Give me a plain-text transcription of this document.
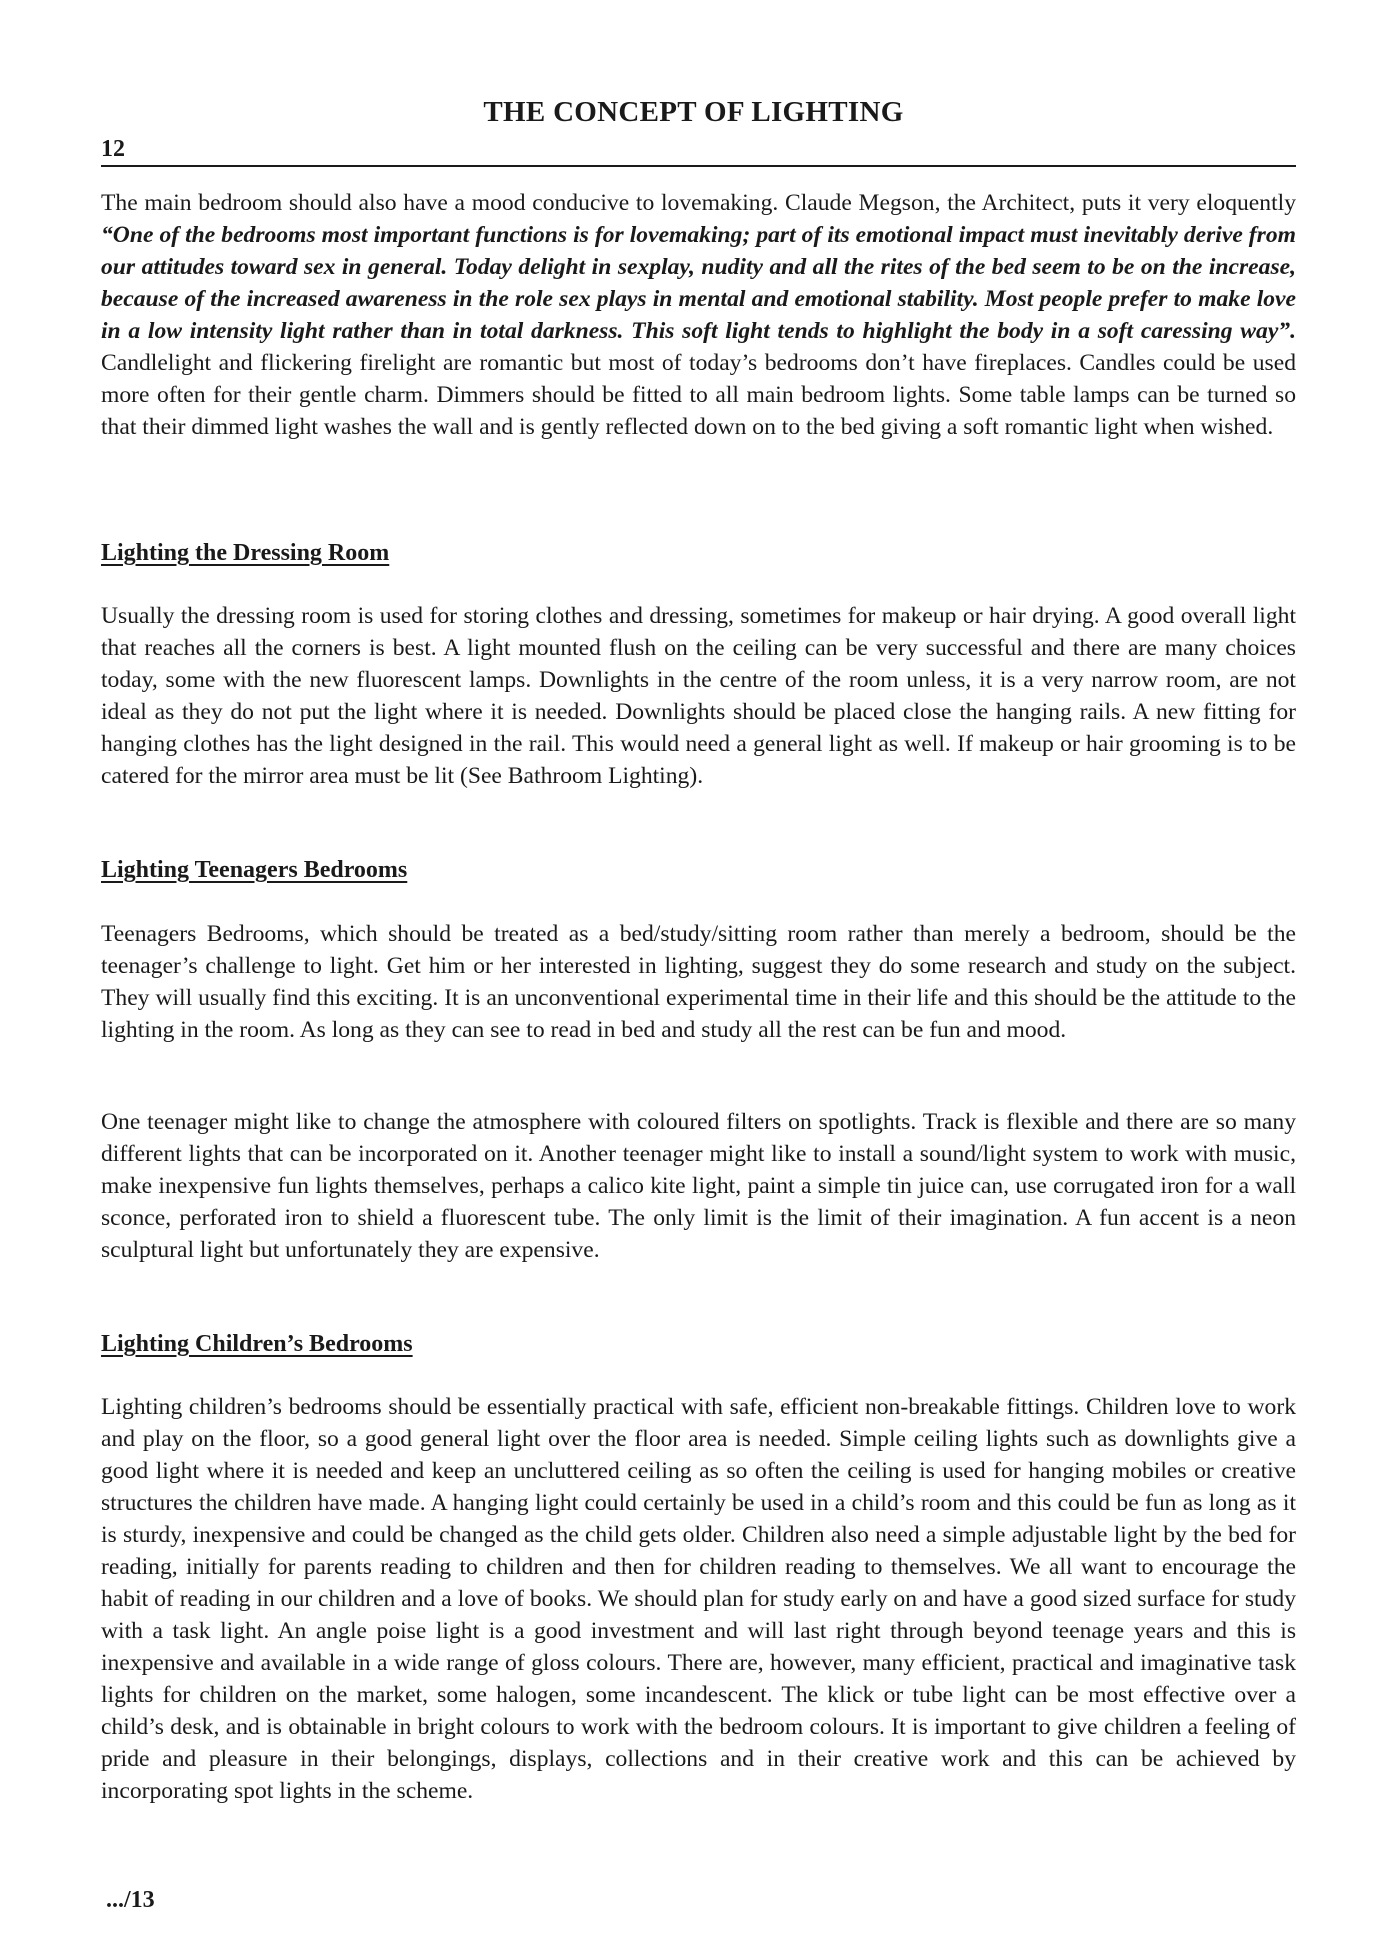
THE CONCEPT OF LIGHTING
12

The main bedroom should also have a mood conducive to lovemaking. Claude Megson, the Architect, puts it very eloquently “One of the bedrooms most important functions is for lovemaking; part of its emotional impact must inevitably derive from our attitudes toward sex in general. Today delight in sexplay, nudity and all the rites of the bed seem to be on the increase, because of the increased awareness in the role sex plays in mental and emotional stability. Most people prefer to make love in a low intensity light rather than in total darkness. This soft light tends to highlight the body in a soft caressing way”. Candlelight and flickering firelight are romantic but most of today’s bedrooms don’t have fireplaces. Candles could be used more often for their gentle charm. Dimmers should be fitted to all main bedroom lights. Some table lamps can be turned so that their dimmed light washes the wall and is gently reflected down on to the bed giving a soft romantic light when wished.

Lighting the Dressing Room

Usually the dressing room is used for storing clothes and dressing, sometimes for makeup or hair drying. A good overall light that reaches all the corners is best. A light mounted flush on the ceiling can be very successful and there are many choices today, some with the new fluorescent lamps. Downlights in the centre of the room unless, it is a very narrow room, are not ideal as they do not put the light where it is needed. Downlights should be placed close the hanging rails. A new fitting for hanging clothes has the light designed in the rail. This would need a general light as well. If makeup or hair grooming is to be catered for the mirror area must be lit (See Bathroom Lighting).

Lighting Teenagers Bedrooms

Teenagers Bedrooms, which should be treated as a bed/study/sitting room rather than merely a bedroom, should be the teenager’s challenge to light. Get him or her interested in lighting, suggest they do some research and study on the subject. They will usually find this exciting. It is an unconventional experimental time in their life and this should be the attitude to the lighting in the room. As long as they can see to read in bed and study all the rest can be fun and mood.

One teenager might like to change the atmosphere with coloured filters on spotlights. Track is flexible and there are so many different lights that can be incorporated on it. Another teenager might like to install a sound/light system to work with music, make inexpensive fun lights themselves, perhaps a calico kite light, paint a simple tin juice can, use corrugated iron for a wall sconce, perforated iron to shield a fluorescent tube. The only limit is the limit of their imagination. A fun accent is a neon sculptural light but unfortunately they are expensive.

Lighting Children’s Bedrooms

Lighting children’s bedrooms should be essentially practical with safe, efficient non-breakable fittings. Children love to work and play on the floor, so a good general light over the floor area is needed. Simple ceiling lights such as downlights give a good light where it is needed and keep an uncluttered ceiling as so often the ceiling is used for hanging mobiles or creative structures the children have made. A hanging light could certainly be used in a child’s room and this could be fun as long as it is sturdy, inexpensive and could be changed as the child gets older. Children also need a simple adjustable light by the bed for reading, initially for parents reading to children and then for children reading to themselves. We all want to encourage the habit of reading in our children and a love of books. We should plan for study early on and have a good sized surface for study with a task light. An angle poise light is a good investment and will last right through beyond teenage years and this is inexpensive and available in a wide range of gloss colours. There are, however, many efficient, practical and imaginative task lights for children on the market, some halogen, some incandescent. The klick or tube light can be most effective over a child’s desk, and is obtainable in bright colours to work with the bedroom colours. It is important to give children a feeling of pride and pleasure in their belongings, displays, collections and in their creative work and this can be achieved by incorporating spot lights in the scheme.

.../13
